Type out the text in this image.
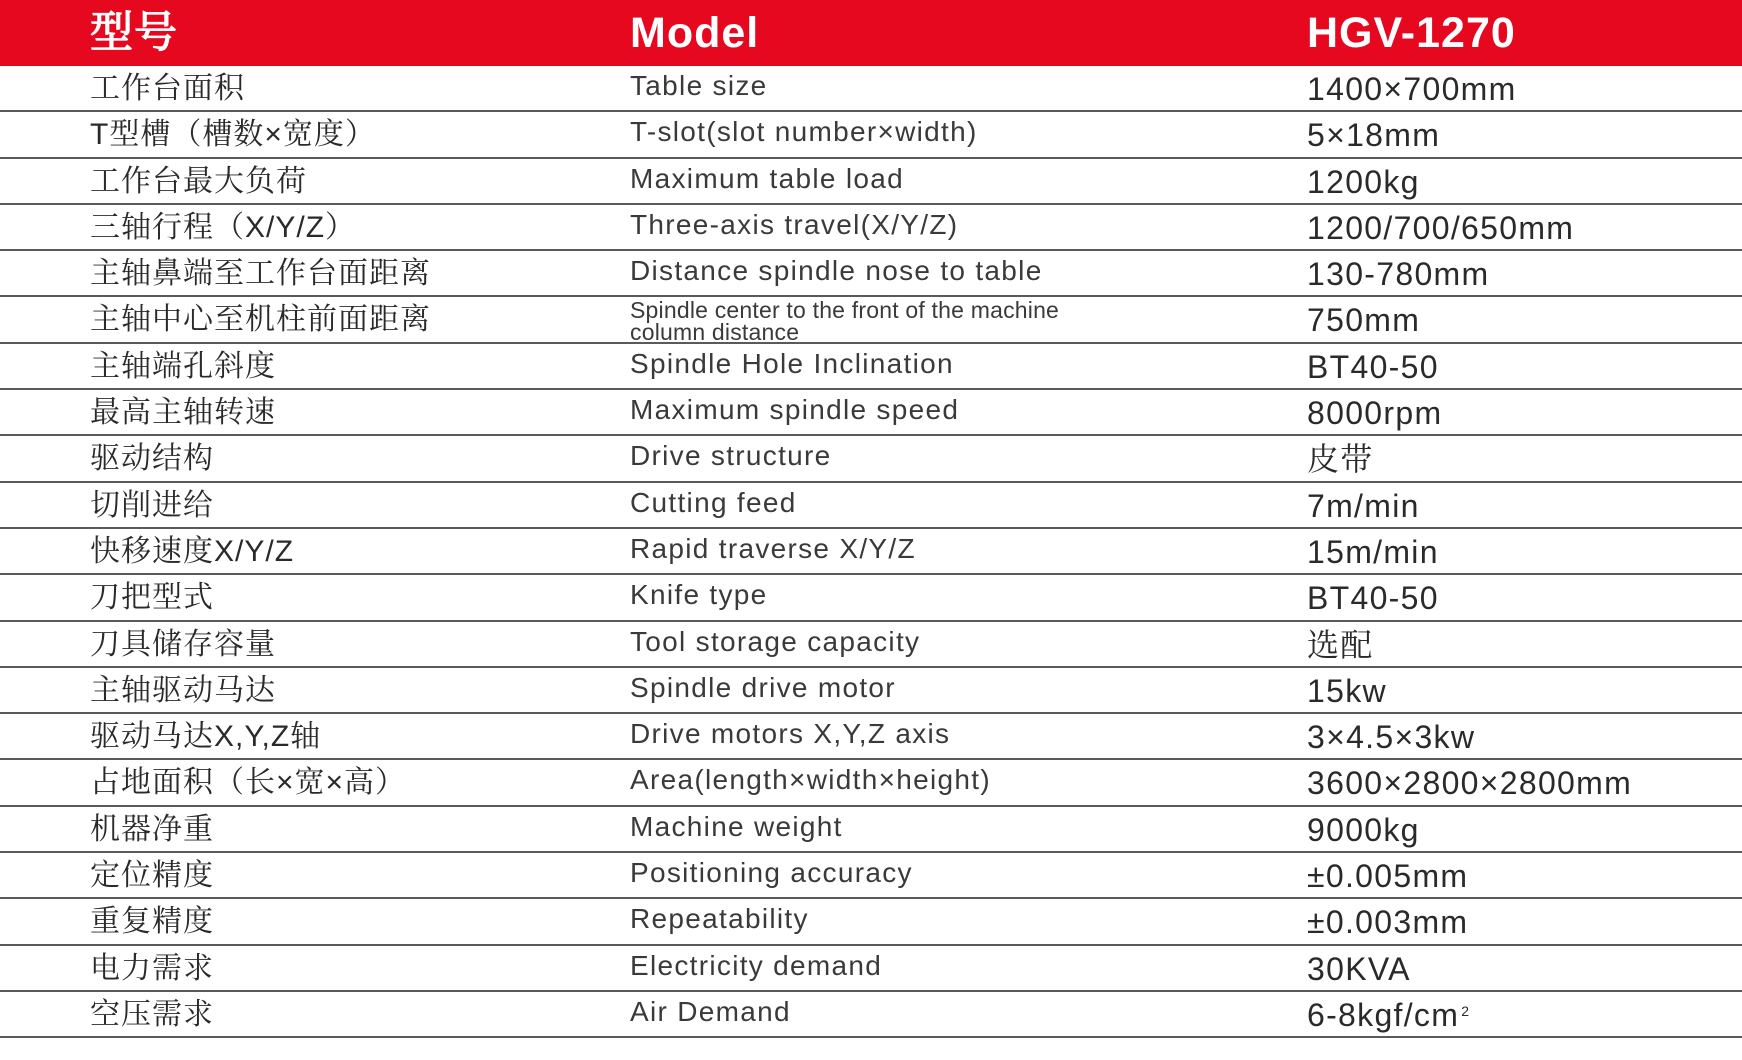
型号	Model	HGV-1270
工作台面积	Table size	1400×700mm
T型槽（槽数×宽度）	T-slot(slot number×width)	5×18mm
工作台最大负荷	Maximum table load	1200kg
三轴行程（X/Y/Z）	Three-axis travel(X/Y/Z)	1200/700/650mm
主轴鼻端至工作台面距离	Distance spindle nose to table	130-780mm
主轴中心至机柱前面距离	Spindle center to the front of the machine column distance	750mm
主轴端孔斜度	Spindle Hole Inclination	BT40-50
最高主轴转速	Maximum spindle speed	8000rpm
驱动结构	Drive structure	皮带
切削进给	Cutting feed	7m/min
快移速度X/Y/Z	Rapid traverse X/Y/Z	15m/min
刀把型式	Knife type	BT40-50
刀具储存容量	Tool storage capacity	选配
主轴驱动马达	Spindle drive motor	15kw
驱动马达X,Y,Z轴	Drive motors X,Y,Z axis	3×4.5×3kw
占地面积（长×宽×高）	Area(length×width×height)	3600×2800×2800mm
机器净重	Machine weight	9000kg
定位精度	Positioning accuracy	±0.005mm
重复精度	Repeatability	±0.003mm
电力需求	Electricity demand	30KVA
空压需求	Air Demand	6-8kgf/cm $^2$
